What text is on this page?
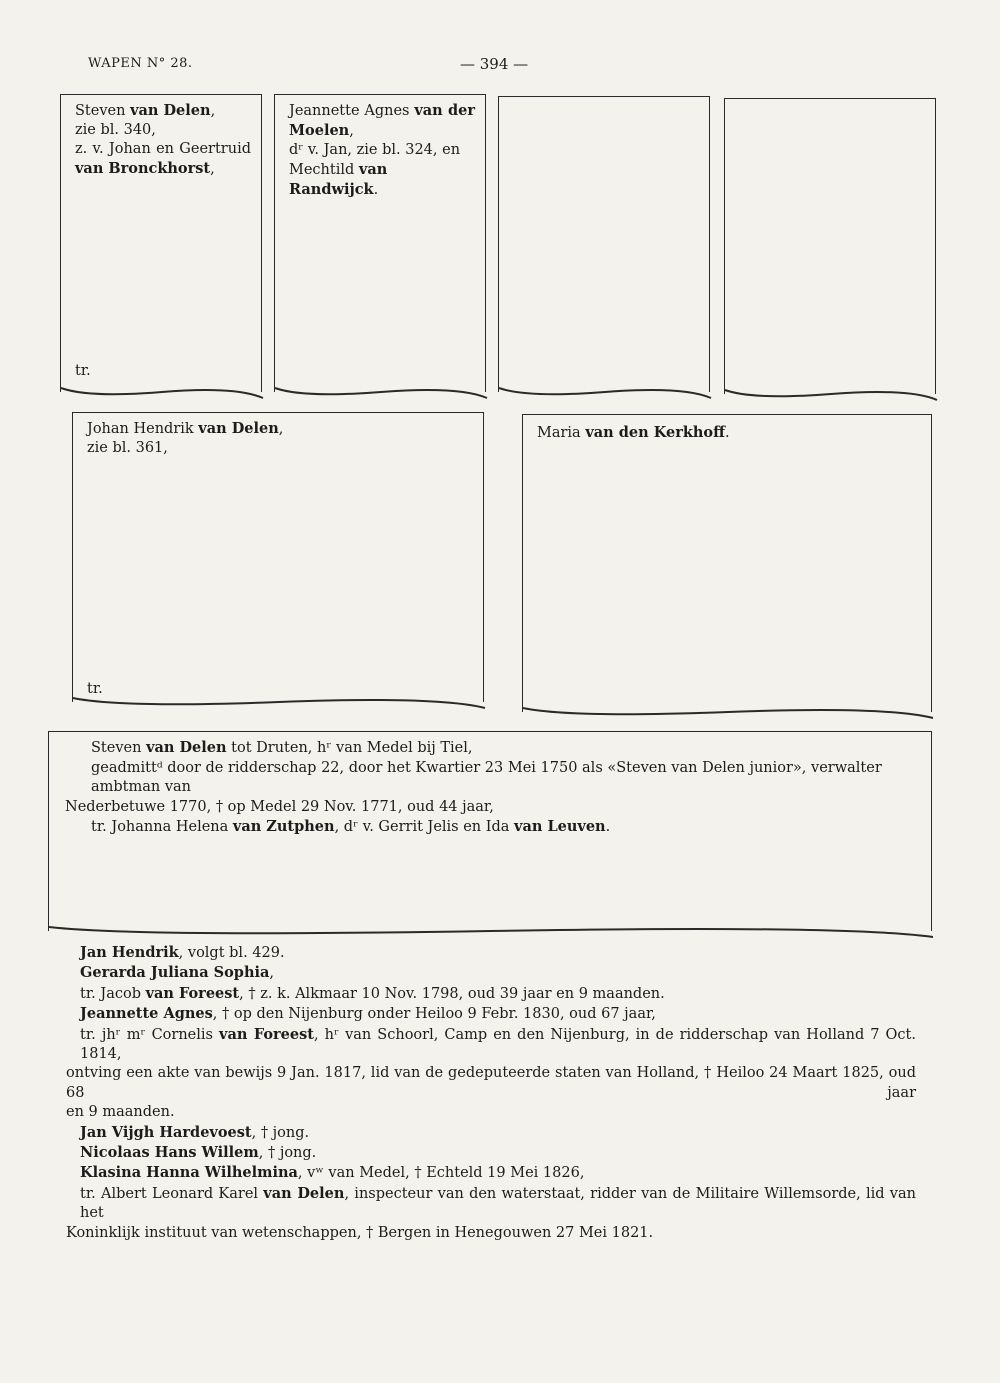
WAPEN N° 28.	— 394 —
Steven van Delen,
zie bl. 340,
z. v. Johan en Geertruid
van Bronckhorst,
tr.
Jeannette Agnes van der
Moelen,
dʳ v. Jan, zie bl. 324, en
Mechtild van Randwijck.
Johan Hendrik van Delen,
zie bl. 361,
tr.
Maria van den Kerkhoff.
Steven van Delen tot Druten, hʳ van Medel bij Tiel,
geadmittᵈ door de ridderschap 22, door het Kwartier 23 Mei 1750 als «Steven van Delen junior», verwalter ambtman van
Nederbetuwe 1770, † op Medel 29 Nov. 1771, oud 44 jaar,
tr. Johanna Helena van Zutphen, dʳ v. Gerrit Jelis en Ida van Leuven.

Jan Hendrik, volgt bl. 429.

Gerarda Juliana Sophia,

tr. Jacob van Foreest, † z. k. Alkmaar 10 Nov. 1798, oud 39 jaar en 9 maanden.

Jeannette Agnes, † op den Nijenburg onder Heiloo 9 Febr. 1830, oud 67 jaar,

tr. jhʳ mʳ Cornelis van Foreest, hʳ van Schoorl, Camp en den Nijenburg, in de ridderschap van Holland 7 Oct. 1814,

ontving een akte van bewijs 9 Jan. 1817, lid van de gedeputeerde staten van Holland, † Heiloo 24 Maart 1825, oud 68 jaar

en 9 maanden.

Jan Vijgh Hardevoest, † jong.

Nicolaas Hans Willem, † jong.

Klasina Hanna Wilhelmina, vʷ van Medel, † Echteld 19 Mei 1826,

tr. Albert Leonard Karel van Delen, inspecteur van den waterstaat, ridder van de Militaire Willemsorde, lid van het

Koninklijk instituut van wetenschappen, † Bergen in Henegouwen 27 Mei 1821.
